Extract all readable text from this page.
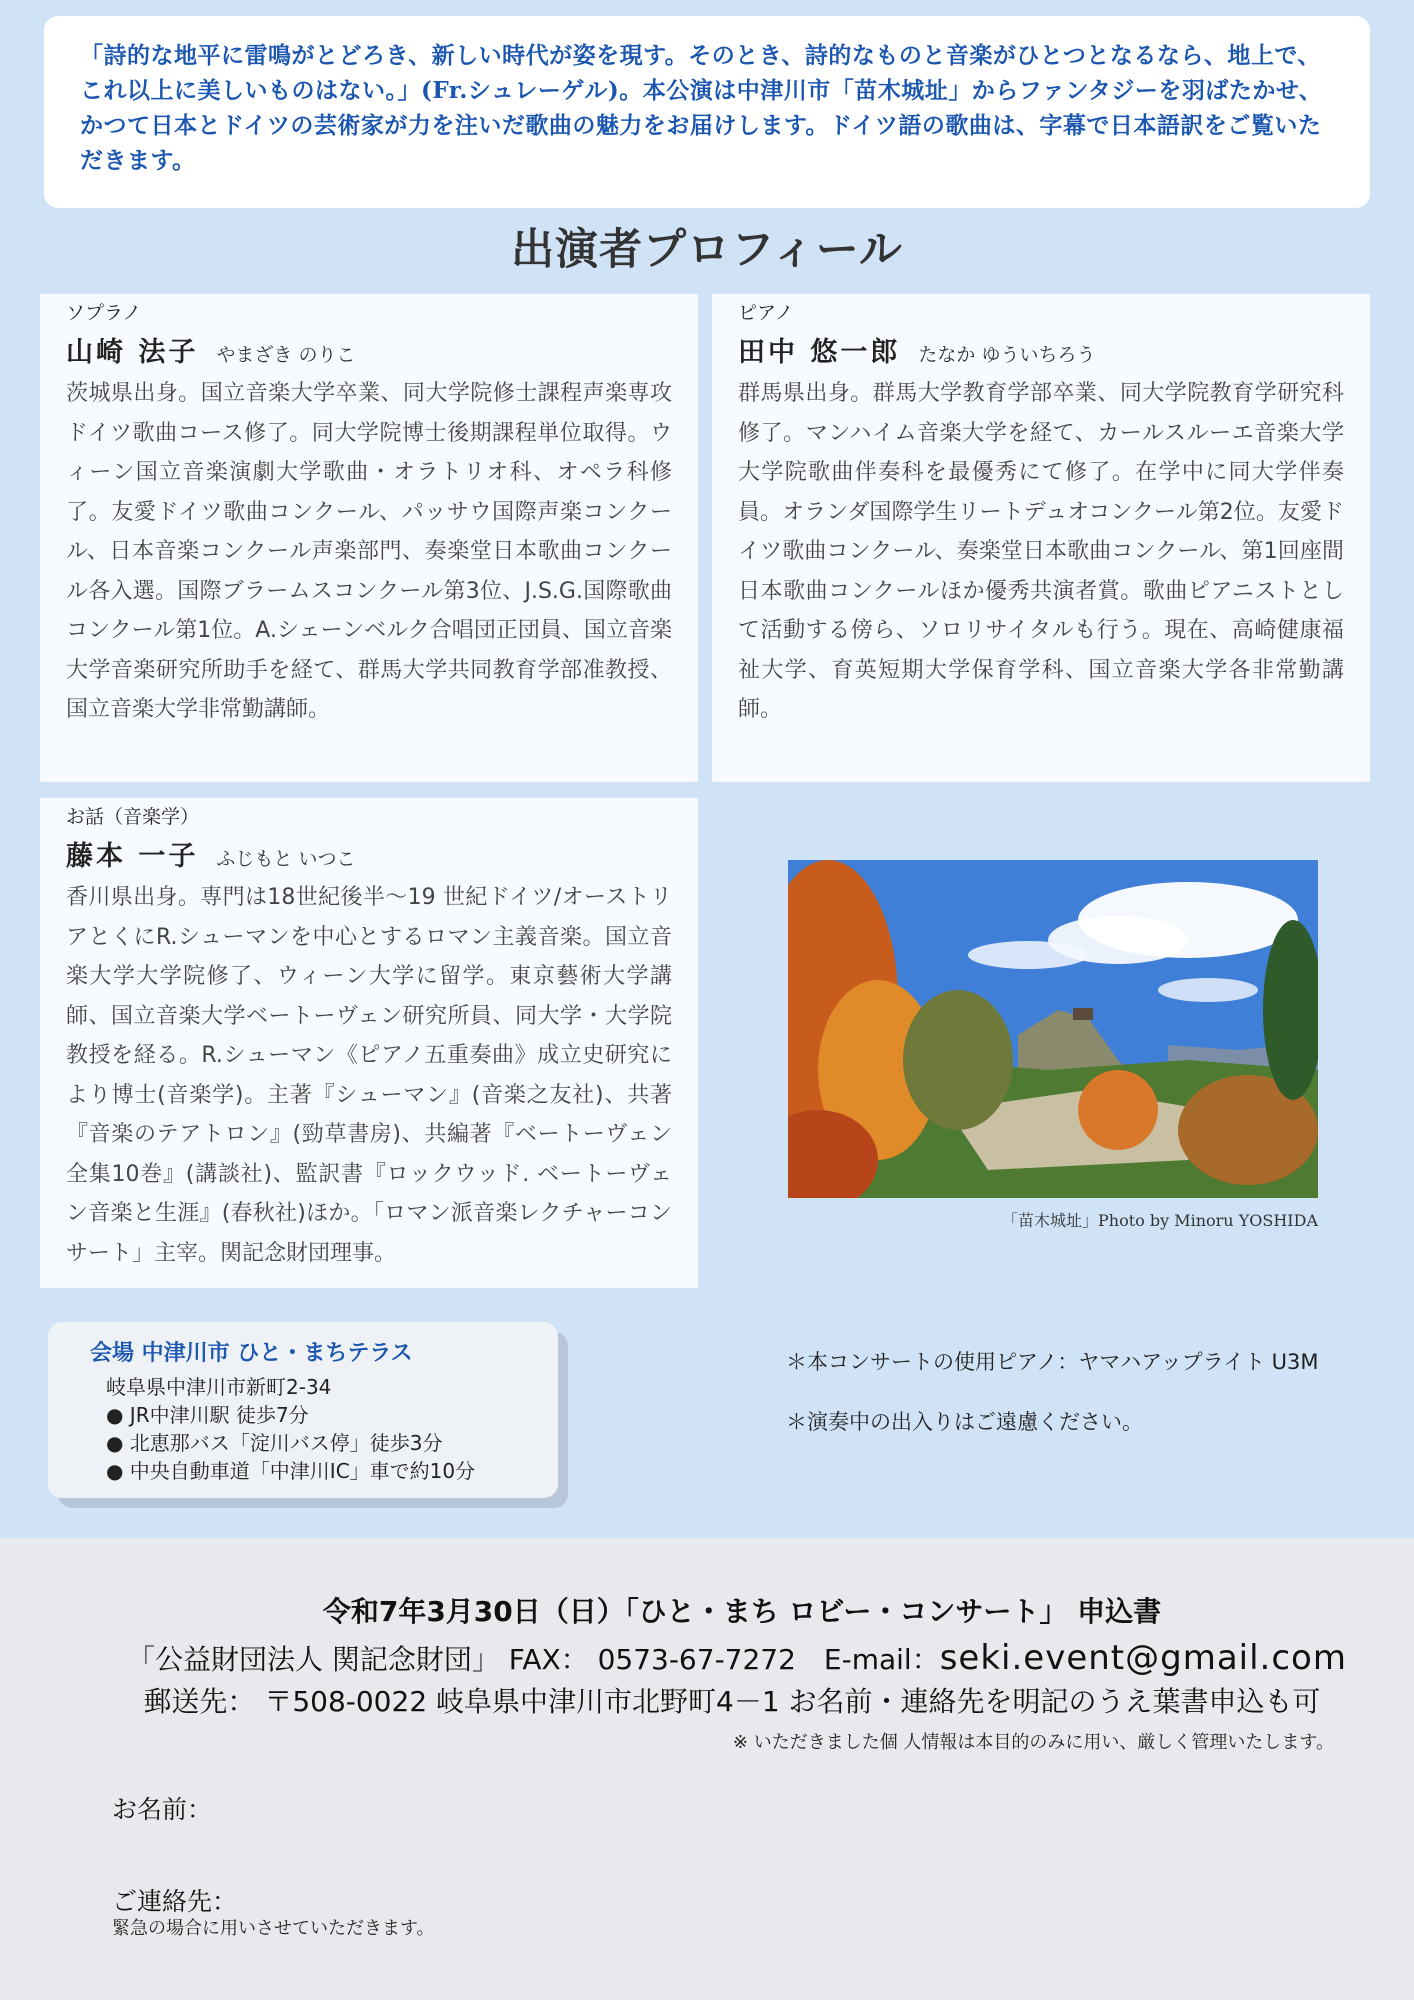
「詩的な地平に雷鳴がとどろき、新しい時代が姿を現す。そのとき、詩的なものと音楽がひとつとなるなら、地上で、これ以上に美しいものはない。」(Fr.シュレーゲル)。本公演は中津川市「苗木城址」からファンタジーを羽ばたかせ、かつて日本とドイツの芸術家が力を注いだ歌曲の魅力をお届けします。ドイツ語の歌曲は、字幕で日本語訳をご覧いただきます。

出演者プロフィール
ソプラノ
山崎 法子 やまざき のりこ
茨城県出身。国立音楽大学卒業、同大学院修士課程声楽専攻ドイツ歌曲コース修了。同大学院博士後期課程単位取得。ウィーン国立音楽演劇大学歌曲・オラトリオ科、オペラ科修了。友愛ドイツ歌曲コンクール、パッサウ国際声楽コンクール、日本音楽コンクール声楽部門、奏楽堂日本歌曲コンクール各入選。国際ブラームスコンクール第3位、J.S.G.国際歌曲コンクール第1位。A.シェーンベルク合唱団正団員、国立音楽大学音楽研究所助手を経て、群馬大学共同教育学部准教授、国立音楽大学非常勤講師。
ピアノ
田中 悠一郎 たなか ゆういちろう
群馬県出身。群馬大学教育学部卒業、同大学院教育学研究科修了。マンハイム音楽大学を経て、カールスルーエ音楽大学大学院歌曲伴奏科を最優秀にて修了。在学中に同大学伴奏員。オランダ国際学生リートデュオコンクール第2位。友愛ドイツ歌曲コンクール、奏楽堂日本歌曲コンクール、第1回座間日本歌曲コンクールほか優秀共演者賞。歌曲ピアニストとして活動する傍ら、ソロリサイタルも行う。現在、高崎健康福祉大学、育英短期大学保育学科、国立音楽大学各非常勤講師。
お話（音楽学）
藤本 一子 ふじもと いつこ
香川県出身。専門は18世紀後半～19 世紀ドイツ/オーストリアとくにR.シューマンを中心とするロマン主義音楽。国立音楽大学大学院修了、ウィーン大学に留学。東京藝術大学講師、国立音楽大学ベートーヴェン研究所員、同大学・大学院教授を経る。R.シューマン《ピアノ五重奏曲》成立史研究により博士(音楽学)。主著『シューマン』(音楽之友社)、共著『音楽のテアトロン』(勁草書房)、共編著『ベートーヴェン全集10巻』(講談社)、監訳書『ロックウッド. ベートーヴェン音楽と生涯』(春秋社)ほか。「ロマン派音楽レクチャーコンサート」主宰。関記念財団理事。
「苗木城址」Photo by Minoru YOSHIDA
会場 中津川市 ひと・まちテラス
岐阜県中津川市新町2-34
● JR中津川駅 徒歩7分
● 北恵那バス「淀川バス停」徒歩3分
● 中央自動車道「中津川IC」車で約10分
＊本コンサートの使用ピアノ：ヤマハアップライト U3M
＊演奏中の出入りはご遠慮ください。
令和7年3月30日（日）「ひと・まち ロビー・コンサート」 申込書
「公益財団法人 関記念財団」 FAX： 0573-67-7272　E-mail：seki.event@gmail.com
郵送先： 〒508-0022 岐阜県中津川市北野町4－1 お名前・連絡先を明記のうえ葉書申込も可
※ いただきました個 人情報は本目的のみに用い、厳しく管理いたします。
お名前：
ご連絡先：
緊急の場合に用いさせていただきます。
